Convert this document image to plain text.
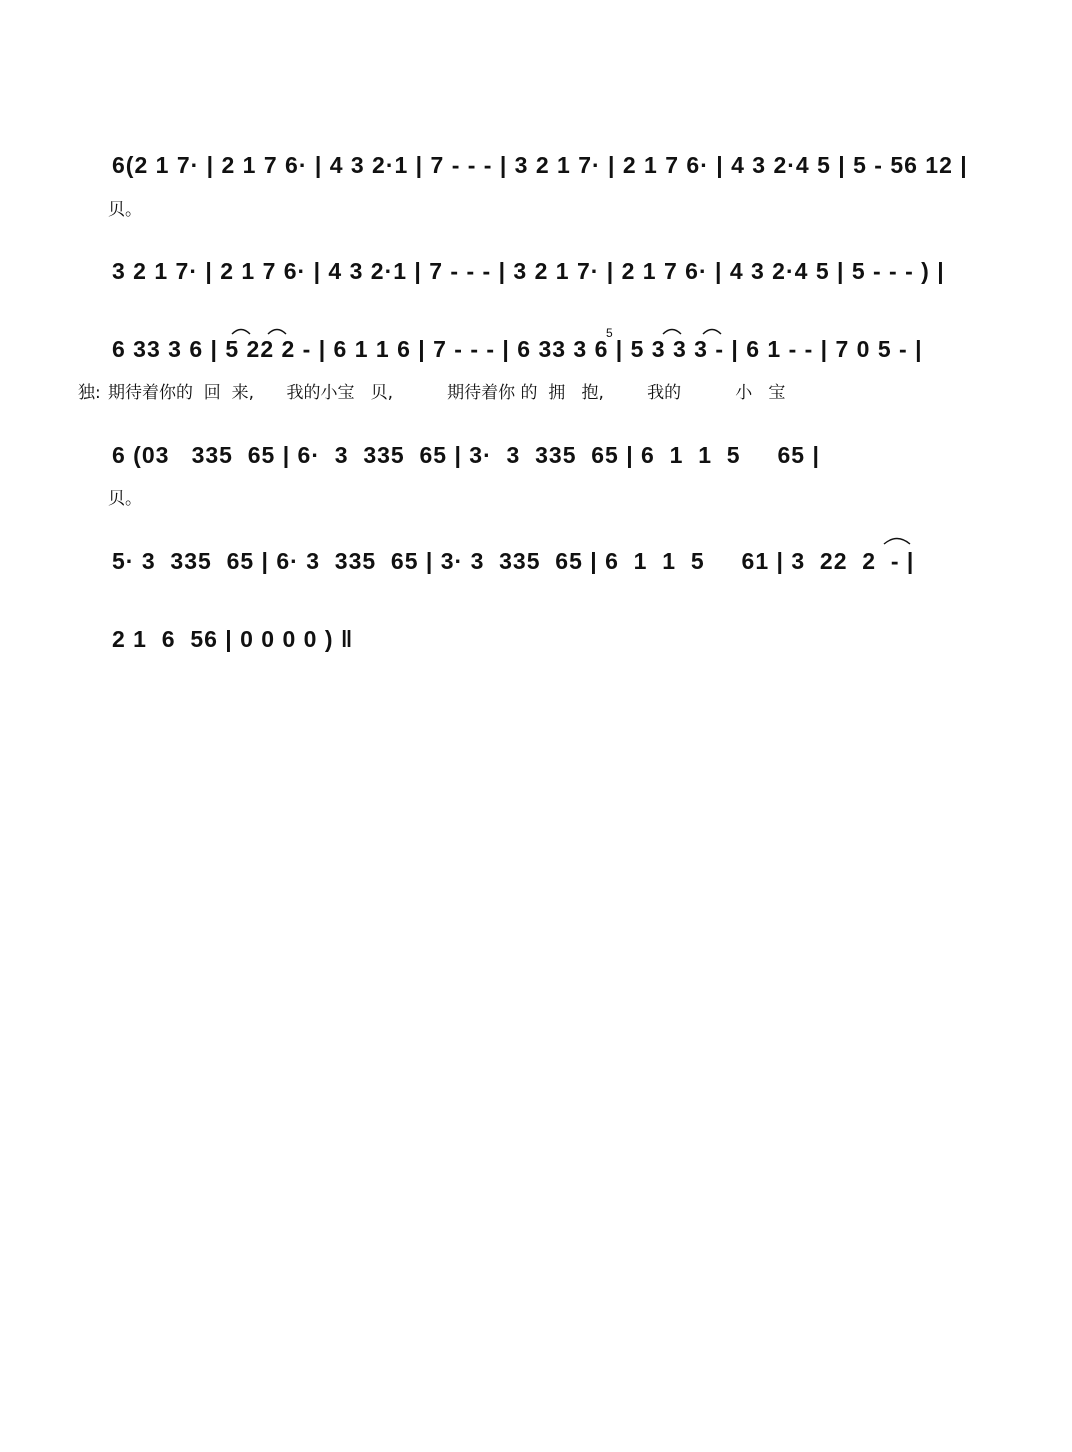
6(2 1 7· | 2 1 7 6· | 4 3 2·1 | 7 - - - | 3 2 1 7· | 2 1 7 6· | 4 3 2·4 5 | 5 - 56 12 |
贝。
3 2 1 7· | 2 1 7 6· | 4 3 2·1 | 7 - - - | 3 2 1 7· | 2 1 7 6· | 4 3 2·4 5 | 5 - - - ) |
5
6 33 3 6 | 5 22 2 - | 6 1 1 6 | 7 - - - | 6 33 3 6 | 5 3 3 3 - | 6 1 - - | 7 0 5 - |
独: 期待着你的  回  来,      我的小宝   贝,          期待着你 的  拥   抱,        我的          小   宝
6 (03   335  65 | 6·  3  335  65 | 3·  3  335  65 | 6  1  1  5     65 |
贝。
5· 3  335  65 | 6· 3  335  65 | 3· 3  335  65 | 6  1  1  5     61 | 3  22  2  - |
2 1  6  56 | 0 0 0 0 ) ‖
